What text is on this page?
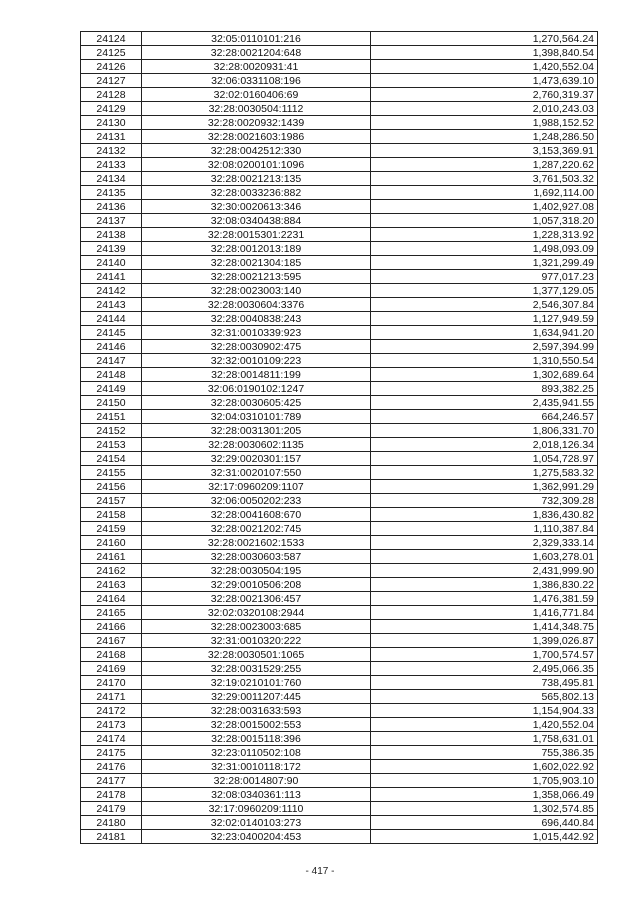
24124	32:05:0110101:216	1,270,564.24
24125	32:28:0021204:648	1,398,840.54
24126	32:28:0020931:41	1,420,552.04
24127	32:06:0331108:196	1,473,639.10
24128	32:02:0160406:69	2,760,319.37
24129	32:28:0030504:1112	2,010,243.03
24130	32:28:0020932:1439	1,988,152.52
24131	32:28:0021603:1986	1,248,286.50
24132	32:28:0042512:330	3,153,369.91
24133	32:08:0200101:1096	1,287,220.62
24134	32:28:0021213:135	3,761,503.32
24135	32:28:0033236:882	1,692,114.00
24136	32:30:0020613:346	1,402,927.08
24137	32:08:0340438:884	1,057,318.20
24138	32:28:0015301:2231	1,228,313.92
24139	32:28:0012013:189	1,498,093.09
24140	32:28:0021304:185	1,321,299.49
24141	32:28:0021213:595	977,017.23
24142	32:28:0023003:140	1,377,129.05
24143	32:28:0030604:3376	2,546,307.84
24144	32:28:0040838:243	1,127,949.59
24145	32:31:0010339:923	1,634,941.20
24146	32:28:0030902:475	2,597,394.99
24147	32:32:0010109:223	1,310,550.54
24148	32:28:0014811:199	1,302,689.64
24149	32:06:0190102:1247	893,382.25
24150	32:28:0030605:425	2,435,941.55
24151	32:04:0310101:789	664,246.57
24152	32:28:0031301:205	1,806,331.70
24153	32:28:0030602:1135	2,018,126.34
24154	32:29:0020301:157	1,054,728.97
24155	32:31:0020107:550	1,275,583.32
24156	32:17:0960209:1107	1,362,991.29
24157	32:06:0050202:233	732,309.28
24158	32:28:0041608:670	1,836,430.82
24159	32:28:0021202:745	1,110,387.84
24160	32:28:0021602:1533	2,329,333.14
24161	32:28:0030603:587	1,603,278.01
24162	32:28:0030504:195	2,431,999.90
24163	32:29:0010506:208	1,386,830.22
24164	32:28:0021306:457	1,476,381.59
24165	32:02:0320108:2944	1,416,771.84
24166	32:28:0023003:685	1,414,348.75
24167	32:31:0010320:222	1,399,026.87
24168	32:28:0030501:1065	1,700,574.57
24169	32:28:0031529:255	2,495,066.35
24170	32:19:0210101:760	738,495.81
24171	32:29:0011207:445	565,802.13
24172	32:28:0031633:593	1,154,904.33
24173	32:28:0015002:553	1,420,552.04
24174	32:28:0015118:396	1,758,631.01
24175	32:23:0110502:108	755,386.35
24176	32:31:0010118:172	1,602,022.92
24177	32:28:0014807:90	1,705,903.10
24178	32:08:0340361:113	1,358,066.49
24179	32:17:0960209:1110	1,302,574.85
24180	32:02:0140103:273	696,440.84
24181	32:23:0400204:453	1,015,442.92
- 417 -
